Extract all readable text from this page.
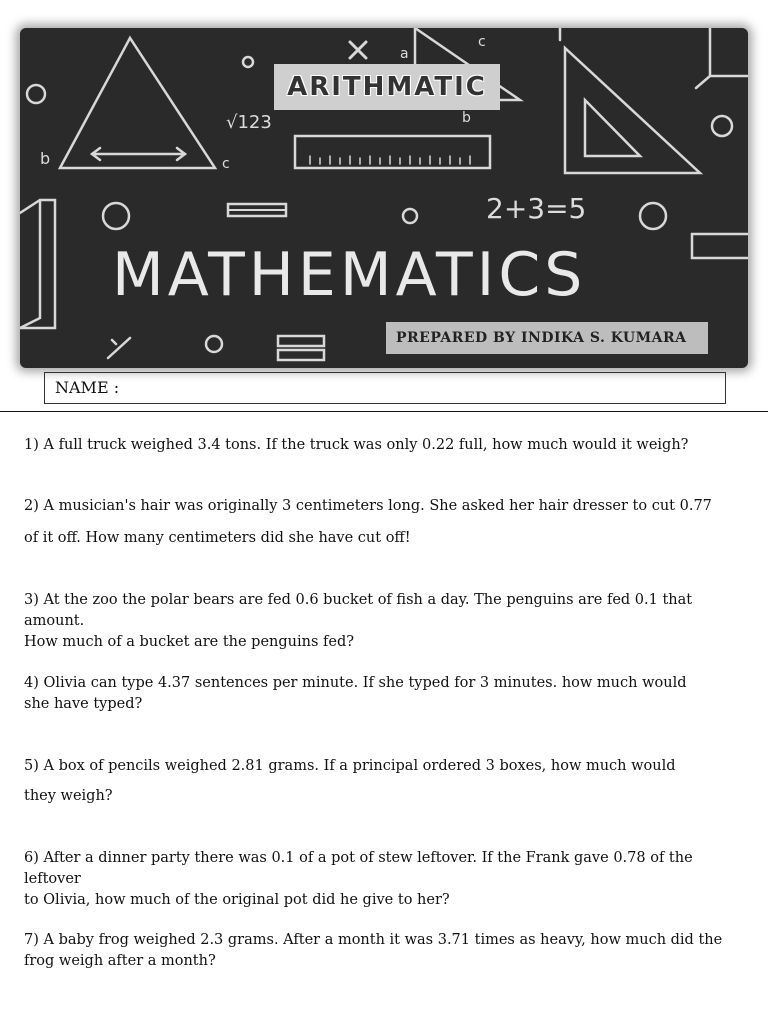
a
b	c
c
b
√123
2+3=5
ARITHMATIC
MATHEMATICS
PREPARED BY INDIKA S. KUMARA
NAME :

1) A full truck weighed 3.4 tons. If the truck was only 0.22 full, how much would it weigh?

2) A musician's hair was originally 3 centimeters long. She asked her hair dresser to cut 0.77

of it off. How many centimeters did she have cut off!

3) At the zoo the polar bears are fed 0.6 bucket of fish a day. The penguins are fed 0.1 that amount.

How much of a bucket are the penguins fed?

4) Olivia can type 4.37 sentences per minute. If she typed for 3 minutes. how much would

she have typed?

5) A box of pencils weighed 2.81 grams. If a principal ordered 3 boxes, how much would

they weigh?

6) After a dinner party there was 0.1 of a pot of stew leftover. If the Frank gave 0.78 of the leftover

to Olivia, how much of the original pot did he give to her?

7) A baby frog weighed 2.3 grams. After a month it was 3.71 times as heavy, how much did the

frog weigh after a month?
